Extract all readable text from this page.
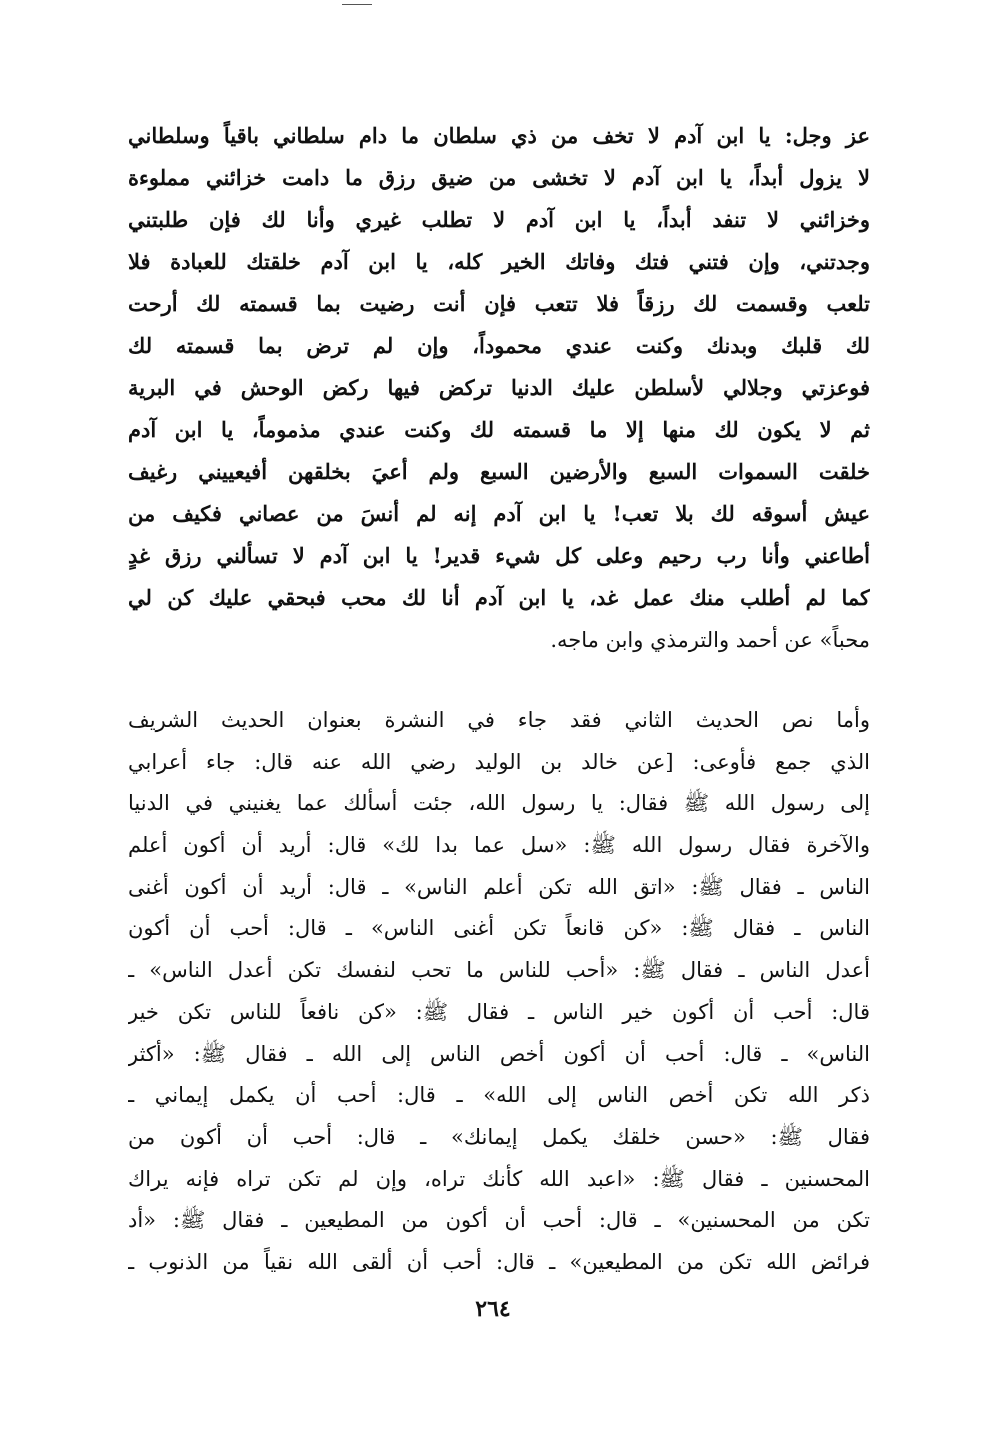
عز وجل: يا ابن آدم لا تخف من ذي سلطان ما دام سلطاني باقياً وسلطاني
لا يزول أبداً، يا ابن آدم لا تخشى من ضيق رزق ما دامت خزائني مملوءة
وخزائني لا تنفد أبداً، يا ابن آدم لا تطلب غيري وأنا لك فإن طلبتني
وجدتني، وإن فتني فتك وفاتك الخير كله، يا ابن آدم خلقتك للعبادة فلا
تلعب وقسمت لك رزقاً فلا تتعب فإن أنت رضيت بما قسمته لك أرحت
لك قلبك وبدنك وكنت عندي محموداً، وإن لم ترض بما قسمته لك
فوعزتي وجلالي لأسلطن عليك الدنيا تركض فيها ركض الوحش في البرية
ثم لا يكون لك منها إلا ما قسمته لك وكنت عندي مذموماً، يا ابن آدم
خلقت السموات السبع والأرضين السبع ولم أعيَ بخلقهن أفيعييني رغيف
عيش أسوقه لك بلا تعب! يا ابن آدم إنه لم أنسَ من عصاني فكيف من
أطاعني وأنا رب رحيم وعلى كل شيء قدير! يا ابن آدم لا تسألني رزق غدٍ
كما لم أطلب منك عمل غد، يا ابن آدم أنا لك محب فبحقي عليك كن لي
محباً» عن أحمد والترمذي وابن ماجه.
وأما نص الحديث الثاني فقد جاء في النشرة بعنوان الحديث الشريف
الذي جمع فأوعى: [عن خالد بن الوليد رضي الله عنه قال: جاء أعرابي
إلى رسول الله ﷺ فقال: يا رسول الله، جئت أسألك عما يغنيني في الدنيا
والآخرة فقال رسول الله ﷺ: «سل عما بدا لك» قال: أريد أن أكون أعلم
الناس ـ فقال ﷺ: «اتق الله تكن أعلم الناس» ـ قال: أريد أن أكون أغنى
الناس ـ فقال ﷺ: «كن قانعاً تكن أغنى الناس» ـ قال: أحب أن أكون
أعدل الناس ـ فقال ﷺ: «أحب للناس ما تحب لنفسك تكن أعدل الناس» ـ
قال: أحب أن أكون خير الناس ـ فقال ﷺ: «كن نافعاً للناس تكن خير
الناس» ـ قال: أحب أن أكون أخص الناس إلى الله ـ فقال ﷺ: «أكثر
ذكر الله تكن أخص الناس إلى الله» ـ قال: أحب أن يكمل إيماني ـ
فقال ﷺ: «حسن خلقك يكمل إيمانك» ـ قال: أحب أن أكون من
المحسنين ـ فقال ﷺ: «اعبد الله كأنك تراه، وإن لم تكن تراه فإنه يراك
تكن من المحسنين» ـ قال: أحب أن أكون من المطيعين ـ فقال ﷺ: «أد
فرائض الله تكن من المطيعين» ـ قال: أحب أن ألقى الله نقياً من الذنوب ـ
٢٦٤
